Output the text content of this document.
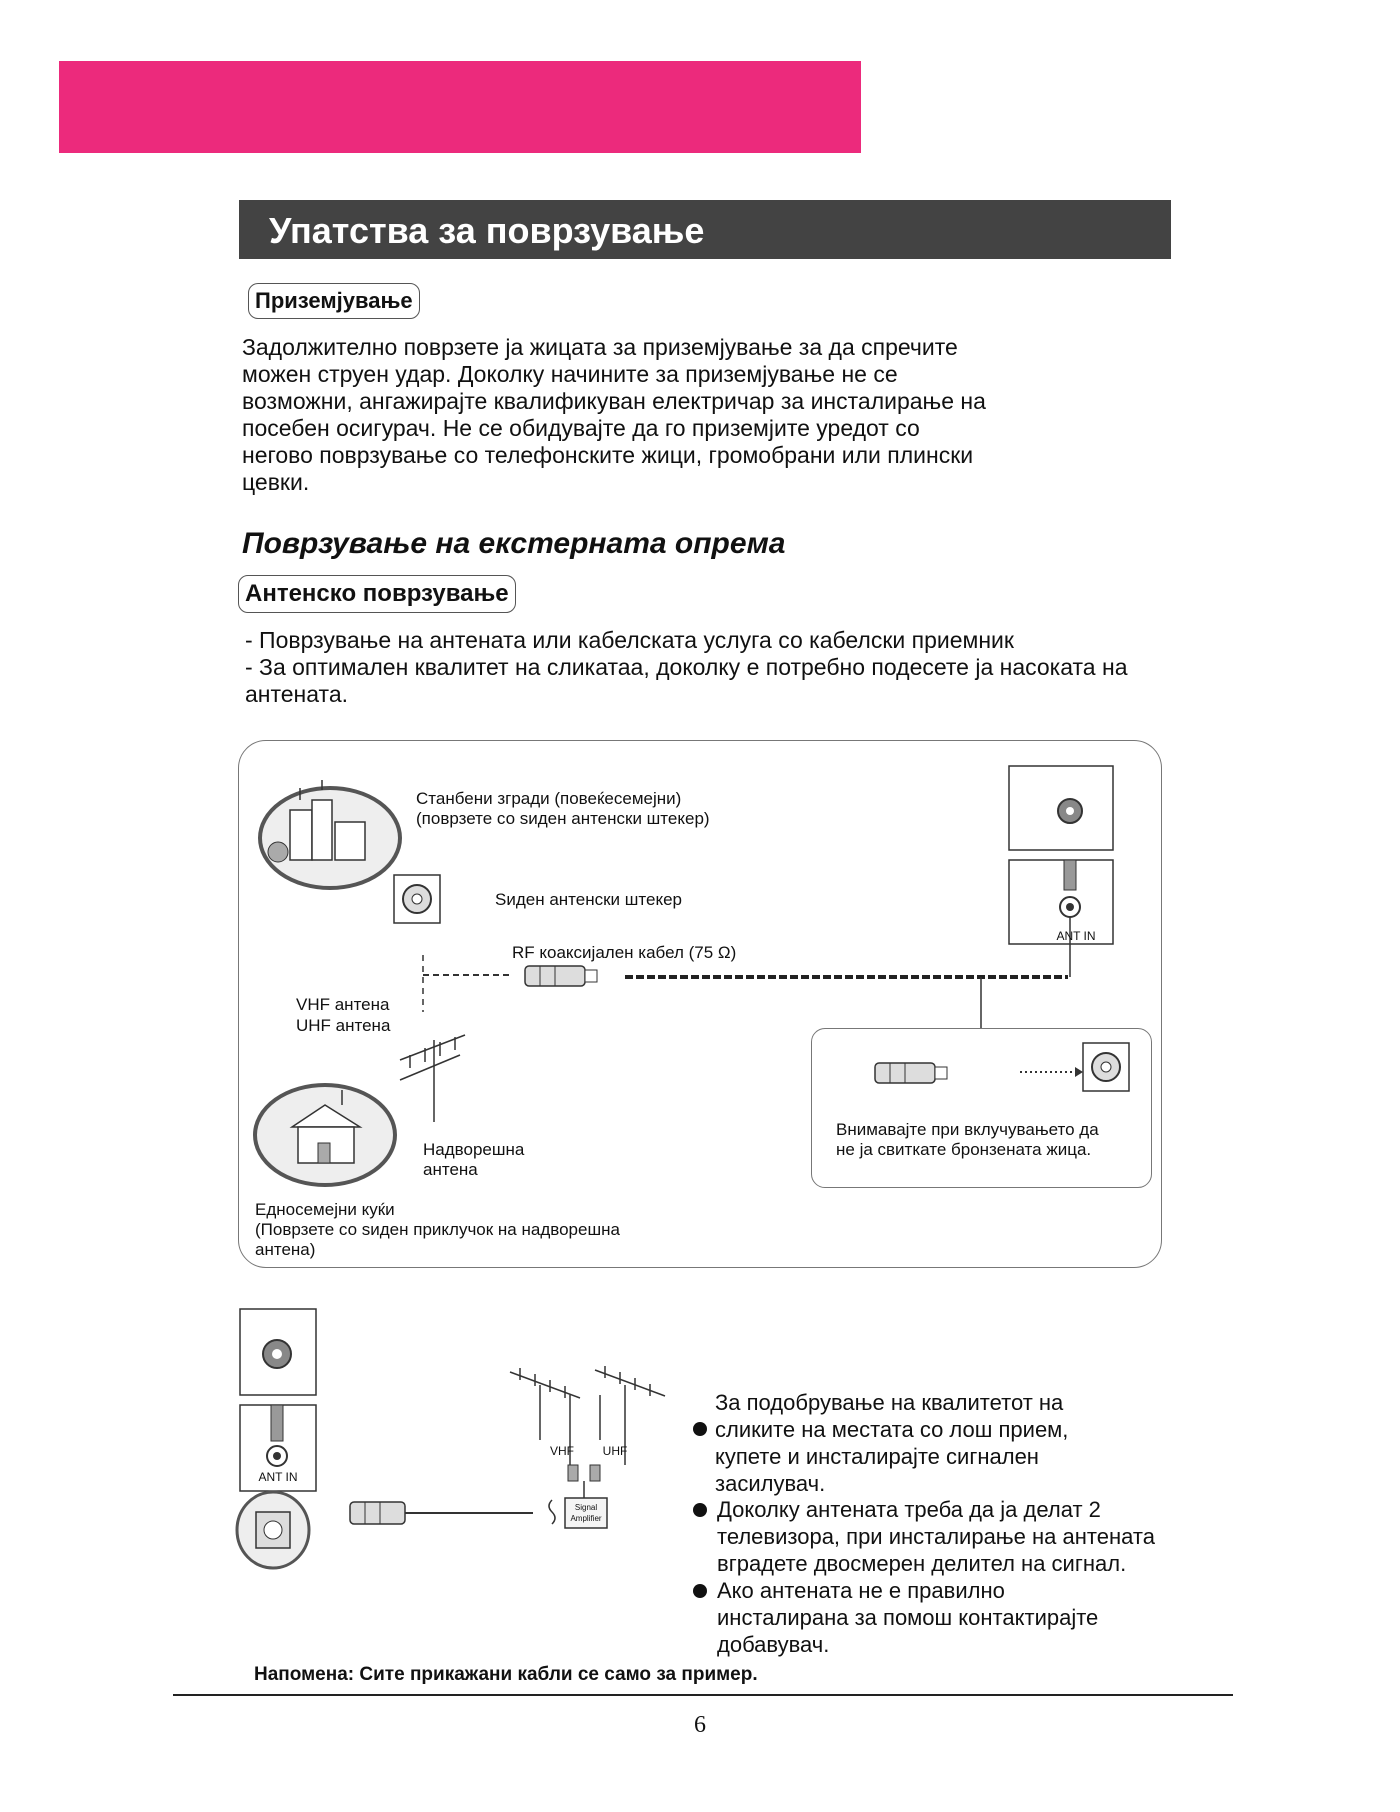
Упатства за поврзување
Приземјување
Задолжително поврзете ја жицата за приземјување за да спречите
можен струен удар. Доколку начините за приземјување не се
возможни, ангажирајте квалификуван електричар за инсталирање на
посебен осигурач. Не се обидувајте да го приземјите уредот со
негово поврзување со телефонските жици, громобрани или плински
цевки.
Поврзување на екстерната опрема
Антенско поврзување
- Поврзување на антената или кабелската услуга со кабелски приемник
- За оптимален квалитет на сликатаа, доколку е потребно подесете ја насоката на
антената.
Signal
Amplifier
VHF UHF
ANT IN
ANT IN
Станбени згради (повеќесемејни)
(поврзете со ѕиден антенски штекер)
Ѕиден антенски штекер
RF коаксијален кабел (75 Ω)
VHF антена
UHF антена
Надворешна
антена
Едносемејни куќи
(Поврзете со ѕиден приклучок на надворешна
антена)
Внимавајте при вклучувањето да
не ја свиткате бронзената жица.
За подобрување на квалитетот на
сликите на местата со лош прием,
купете и инсталирајте сигнален
засилувач.
Доколку антената треба да ја делат 2
телевизора, при инсталирање на антената
вградете двосмерен делител на сигнал.
Ако антената не е правилно
инсталирана за помош контактирајте
добавувач.
Напомена: Сите прикажани кабли се само за пример.
6
